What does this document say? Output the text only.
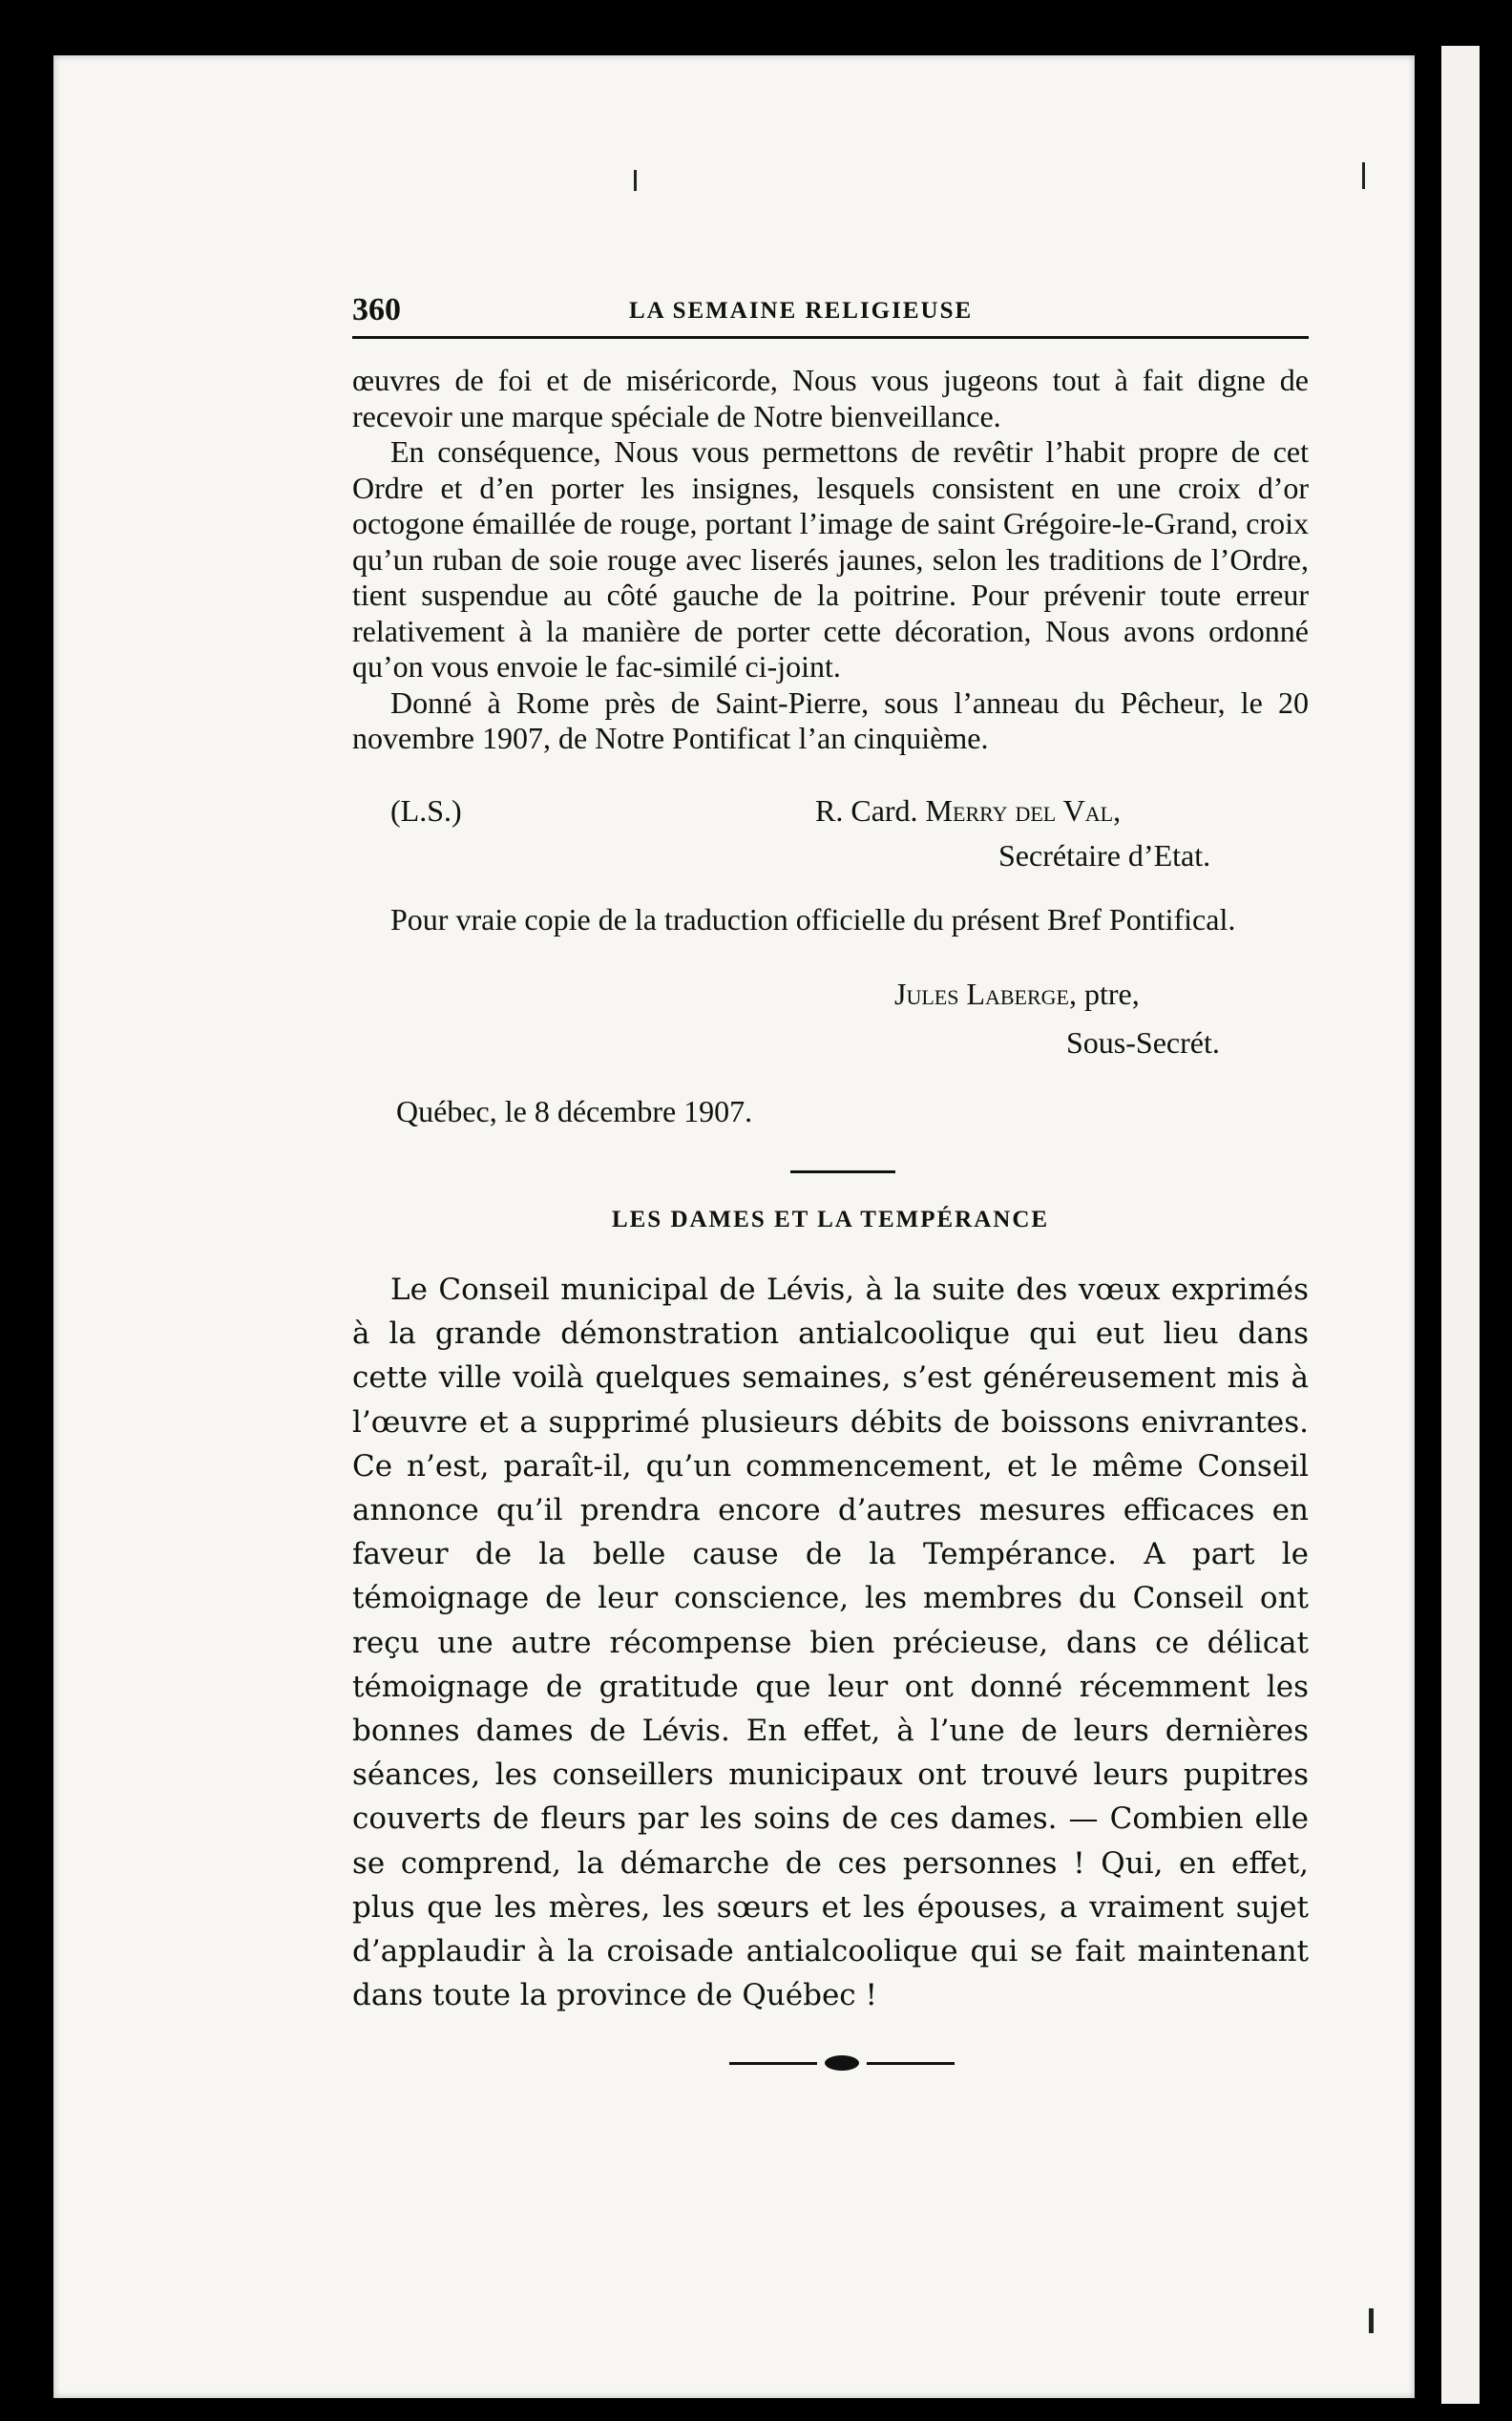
360	LA SEMAINE RELIGIEUSE

œuvres de foi et de miséricorde, Nous vous jugeons tout à fait digne de recevoir une marque spéciale de Notre bienveillance.

En conséquence, Nous vous permettons de revêtir l’habit propre de cet Ordre et d’en porter les insignes, lesquels consistent en une croix d’or octogone émaillée de rouge, portant l’image de saint Grégoire-le-Grand, croix qu’un ruban de soie rouge avec liserés jaunes, selon les traditions de l’Ordre, tient suspendue au côté gauche de la poitrine. Pour prévenir toute erreur relativement à la manière de porter cette décoration, Nous avons ordonné qu’on vous envoie le fac-similé ci-joint.

Donné à Rome près de Saint-Pierre, sous l’anneau du Pêcheur, le 20 novembre 1907, de Notre Pontificat l’an cinquième.

(L.S.)	R. Card. Merry del Val,
Secrétaire d’Etat.

Pour vraie copie de la traduction officielle du présent Bref Pontifical.

Jules Laberge, ptre,
Sous-Secrét.
Québec, le 8 décembre 1907.
LES DAMES ET LA TEMPÉRANCE

Le Conseil municipal de Lévis, à la suite des vœux exprimés à la grande démonstration antialcoolique qui eut lieu dans cette ville voilà quelques semaines, s’est généreusement mis à l’œuvre et a supprimé plusieurs débits de boissons enivrantes. Ce n’est, paraît-il, qu’un commencement, et le même Conseil annonce qu’il prendra encore d’autres mesures efficaces en faveur de la belle cause de la Tempérance. A part le témoignage de leur conscience, les membres du Conseil ont reçu une autre récompense bien précieuse, dans ce délicat témoignage de gratitude que leur ont donné récemment les bonnes dames de Lévis. En effet, à l’une de leurs dernières séances, les conseillers municipaux ont trouvé leurs pupitres couverts de fleurs par les soins de ces dames. — Combien elle se comprend, la démarche de ces personnes ! Qui, en effet, plus que les mères, les sœurs et les épouses, a vraiment sujet d’applaudir à la croisade antialcoolique qui se fait maintenant dans toute la province de Québec !
